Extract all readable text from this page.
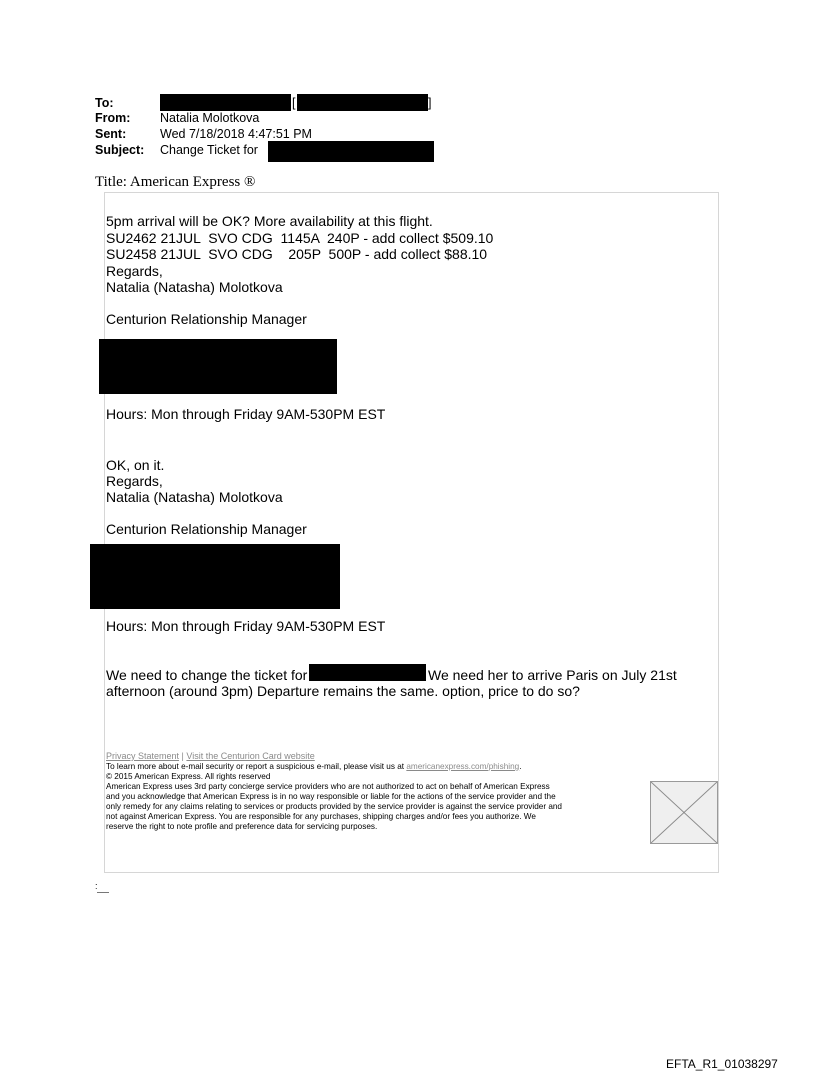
To:	[	]
From: Natalia Molotkova
Sent:	Wed 7/18/2018 4:47:51 PM
Subject: Change Ticket for
Title: American Express ®
5pm arrival will be OK? More availability at this flight.
SU2462 21JUL  SVO CDG  1145A  240P - add collect $509.10
SU2458 21JUL  SVO CDG    205P  500P - add collect $88.10
Regards,
Natalia (Natasha) Molotkova
Centurion Relationship Manager
Hours: Mon through Friday 9AM-530PM EST
OK, on it.
Regards,
Natalia (Natasha) Molotkova
Centurion Relationship Manager
Hours: Mon through Friday 9AM-530PM EST
We need to change the ticket for	We need her to arrive Paris on July 21st
afternoon (around 3pm) Departure remains the same. option, price to do so?
Privacy Statement | Visit the Centurion Card website
To learn more about e-mail security or report a suspicious e-mail, please visit us at americanexpress.com/phishing.
© 2015 American Express. All rights reserved
American Express uses 3rd party concierge service providers who are not authorized to act on behalf of American Express
and you acknowledge that American Express is in no way responsible or liable for the actions of the service provider and the
only remedy for any claims relating to services or products provided by the service provider is against the service provider and
not against American Express. You are responsible for any purchases, shipping charges and/or fees you authorize. We
reserve the right to note profile and preference data for servicing purposes.
:
EFTA_R1_01038297
